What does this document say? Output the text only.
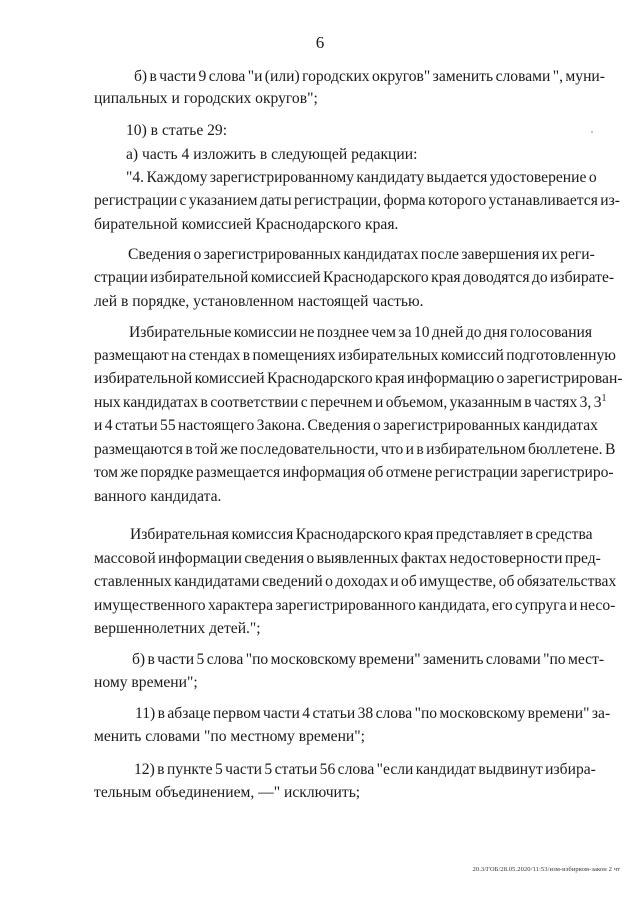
6
б) в части 9 слова "и (или) городских округов" заменить словами ", муни-
ципальных и городских округов";
10) в статье 29:
а) часть 4 изложить в следующей редакции:
"4. Каждому зарегистрированному кандидату выдается удостоверение о
регистрации с указанием даты регистрации, форма которого устанавливается из-
бирательной комиссией Краснодарского края.
Сведения о зарегистрированных кандидатах после завершения их реги-
страции избирательной комиссией Краснодарского края доводятся до избирате-
лей в порядке, установленном настоящей частью.
Избирательные комиссии не позднее чем за 10 дней до дня голосования
размещают на стендах в помещениях избирательных комиссий подготовленную
избирательной комиссией Краснодарского края информацию о зарегистрирован-
ных кандидатах в соответствии с перечнем и объемом, указанным в частях 3, $3^1$
и 4 статьи 55 настоящего Закона. Сведения о зарегистрированных кандидатах
размещаются в той же последовательности, что и в избирательном бюллетене. В
том же порядке размещается информация об отмене регистрации зарегистриро-
ванного кандидата.
Избирательная комиссия Краснодарского края представляет в средства
массовой информации сведения о выявленных фактах недостоверности пред-
ставленных кандидатами сведений о доходах и об имуществе, об обязательствах
имущественного характера зарегистрированного кандидата, его супруга и несо-
вершеннолетних детей.";
б) в части 5 слова "по московскому времени" заменить словами "по мест-
ному времени";
11) в абзаце первом части 4 статьи 38 слова "по московскому времени" за-
менить словами "по местному времени";
12) в пункте 5 части 5 статьи 56 слова "если кандидат выдвинут избира-
тельным объединением, —" исключить;
20.3/ГОБ/28.05.2020/11:53/изм-избирком-закон 2 чт
